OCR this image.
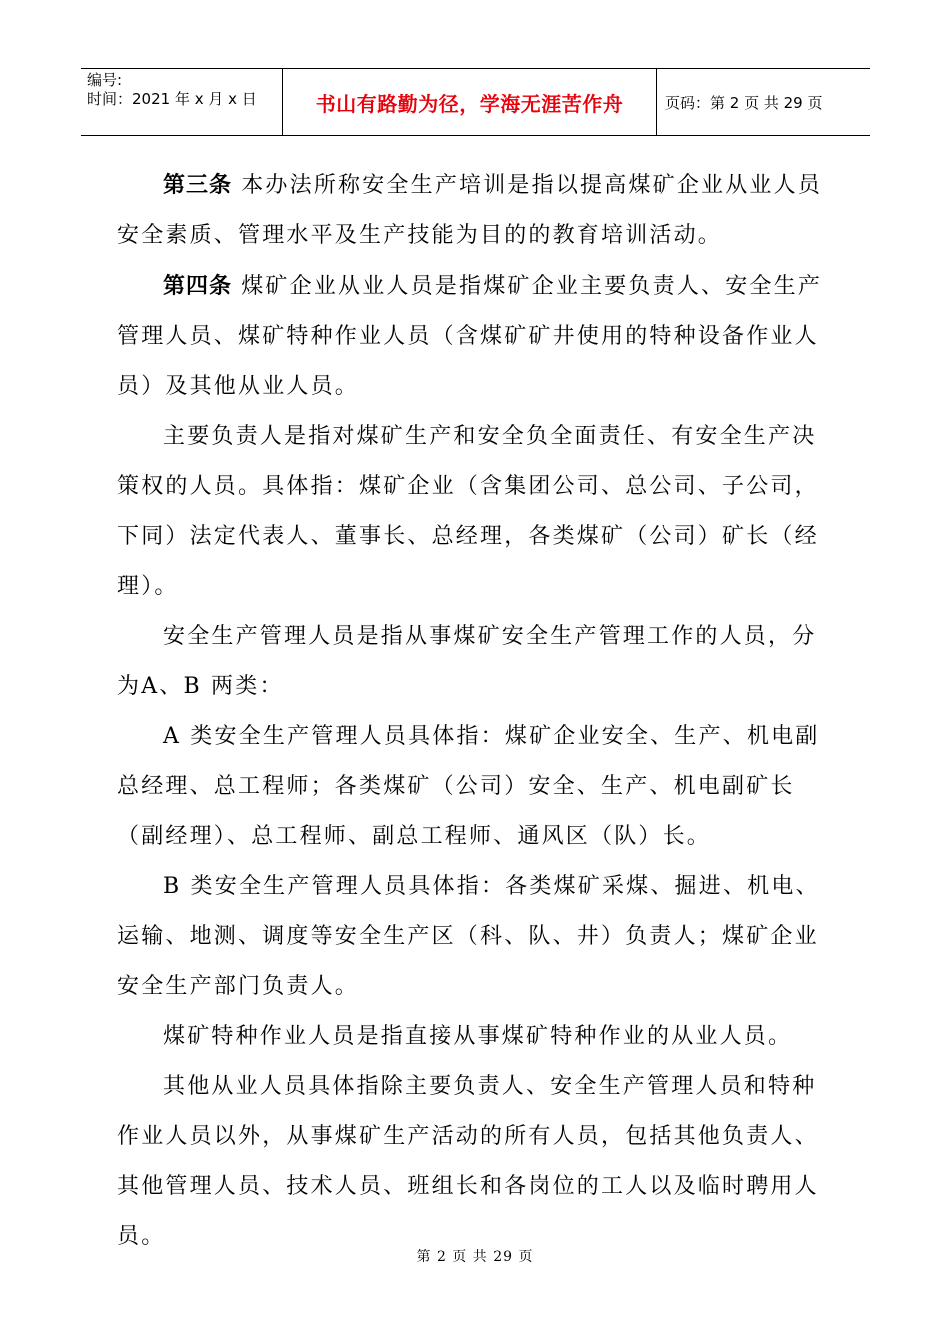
编号:
时间：2021 年 x 月 x 日	书山有路勤为径，学海无涯苦作舟	页码：第 2 页 共 29 页

第三条 本办法所称安全生产培训是指以提高煤矿企业从业人员安全素质、管理水平及生产技能为目的的教育培训活动。

第四条 煤矿企业从业人员是指煤矿企业主要负责人、安全生产管理人员、煤矿特种作业人员（含煤矿矿井使用的特种设备作业人员）及其他从业人员。

主要负责人是指对煤矿生产和安全负全面责任、有安全生产决策权的人员。具体指：煤矿企业（含集团公司、总公司、子公司，下同）法定代表人、董事长、总经理，各类煤矿（公司）矿长（经理）。

安全生产管理人员是指从事煤矿安全生产管理工作的人员，分为A、B 两类：

A 类安全生产管理人员具体指：煤矿企业安全、生产、机电副总经理、总工程师；各类煤矿（公司）安全、生产、机电副矿长（副经理）、总工程师、副总工程师、通风区（队）长。

B 类安全生产管理人员具体指：各类煤矿采煤、掘进、机电、运输、地测、调度等安全生产区（科、队、井）负责人；煤矿企业安全生产部门负责人。

煤矿特种作业人员是指直接从事煤矿特种作业的从业人员。

其他从业人员具体指除主要负责人、安全生产管理人员和特种作业人员以外，从事煤矿生产活动的所有人员，包括其他负责人、其他管理人员、技术人员、班组长和各岗位的工人以及临时聘用人员。

第 2 页 共 29 页
